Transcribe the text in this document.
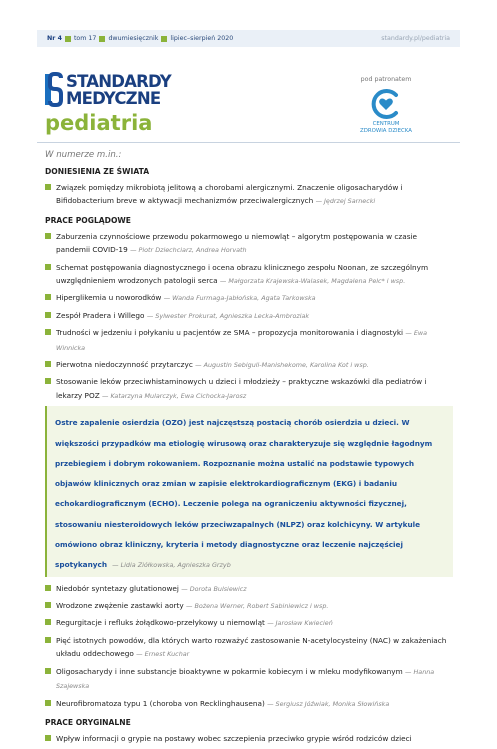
Nr 4 tom 17 dwumiesięcznik lipiec–sierpień 2020	standardy.pl/pediatria
STANDARDY
MEDYCZNE
pediatria
pod patronatem
CENTRUM
ZDROWIA DZIECKA
W numerze m.in.:
DONIESIENIA ZE ŚWIATA
Związek pomiędzy mikrobiotą jelitową a chorobami alergicznymi. Znaczenie oligosacharydów i Bifidobacterium breve w aktywacji mechanizmów przeciwalergicznych — Jędrzej Sarnecki
PRACE POGLĄDOWE
Zaburzenia czynnościowe przewodu pokarmowego u niemowląt – algorytm postępowania w czasie pandemii COVID-19 — Piotr Dziechciarz, Andrea Horvath
Schemat postępowania diagnostycznego i ocena obrazu klinicznego zespołu Noonan, ze szczególnym uwzględnieniem wrodzonych patologii serca — Małgorzata Krajewska-Walasek, Magdalena Pelc* i wsp.
Hiperglikemia u noworodków — Wanda Furmaga-Jabłońska, Agata Tarkowska
Zespół Pradera i Willego — Sylwester Prokurat, Agnieszka Lecka-Ambroziak
Trudności w jedzeniu i połykaniu u pacjentów ze SMA – propozycja monitorowania i diagnostyki — Ewa Winnicka
Pierwotna niedoczynność przytarczyc — Augustin Sebiguli-Manishekome, Karolina Kot i wsp.
Stosowanie leków przeciwhistaminowych u dzieci i młodzieży – praktyczne wskazówki dla pediatrów i lekarzy POZ — Katarzyna Mularczyk, Ewa Cichocka-Jarosz
Ostre zapalenie osierdzia (OZO) jest najczęstszą postacią chorób osierdzia u dzieci. W większości przypadków ma etiologię wirusową oraz charakteryzuje się względnie łagodnym przebiegiem i dobrym rokowaniem. Rozpoznanie można ustalić na podstawie typowych objawów klinicznych oraz zmian w zapisie elektrokardiograficznym (EKG) i badaniu echokardiograficznym (ECHO). Leczenie polega na ograniczeniu aktywności fizycznej, stosowaniu niesteroidowych leków przeciwzapalnych (NLPZ) oraz kolchicyny. W artykule omówiono obraz kliniczny, kryteria i metody diagnostyczne oraz leczenie najczęściej spotykanych — Lidia Ziółkowska, Agnieszka Grzyb
Niedobór syntetazy glutationowej — Dorota Bulsiewicz
Wrodzone zwężenie zastawki aorty — Bożena Werner, Robert Sabiniewicz i wsp.
Regurgitacje i refluks żołądkowo-przełykowy u niemowląt — Jarosław Kwiecień
Pięć istotnych powodów, dla których warto rozważyć zastosowanie N-acetylocysteiny (NAC) w zakażeniach układu oddechowego — Ernest Kuchar
Oligosacharydy i inne substancje bioaktywne w pokarmie kobiecym i w mleku modyfikowanym — Hanna Szajewska
Neurofibromatoza typu 1 (choroba von Recklinghausena) — Sergiusz Jóźwiak, Monika Słowińska
PRACE ORYGINALNE
Wpływ informacji o grypie na postawy wobec szczepienia przeciwko grypie wśród rodziców dzieci
